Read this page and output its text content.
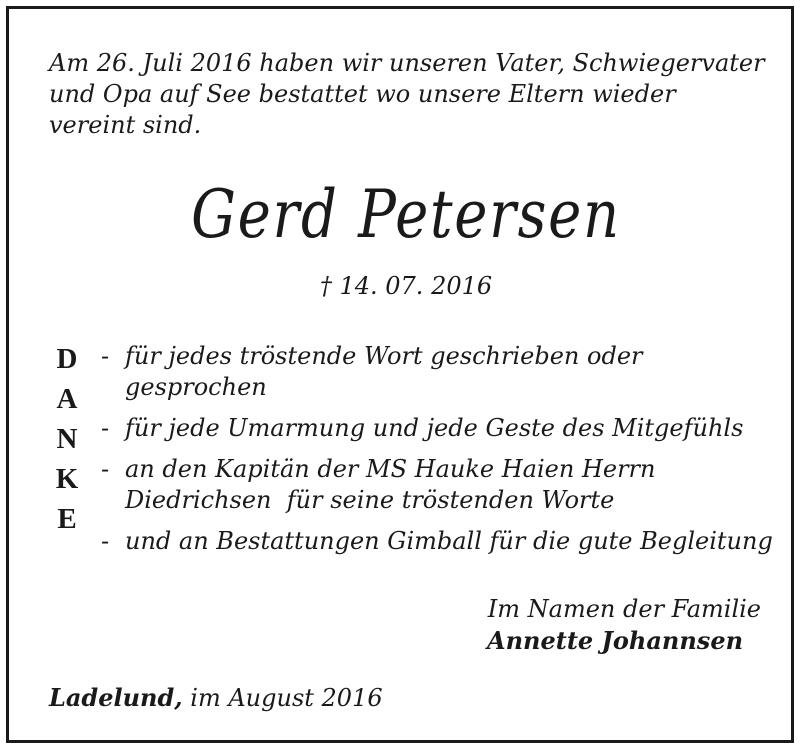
Am 26. Juli 2016 haben wir unseren Vater, Schwiegervater und Opa auf See bestattet wo unsere Eltern wieder vereint sind.
Gerd Petersen
† 14. 07. 2016
D
A
N
K
E
- für jedes tröstende Wort geschrieben oder gesprochen
- für jede Umarmung und jede Geste des Mitgefühls
- an den Kapitän der MS Hauke Haien Herrn Diedrichsen  für seine tröstenden Worte
- und an Bestattungen Gimball für die gute Begleitung
Im Namen der Familie
Annette Johannsen
Ladelund, im August 2016
